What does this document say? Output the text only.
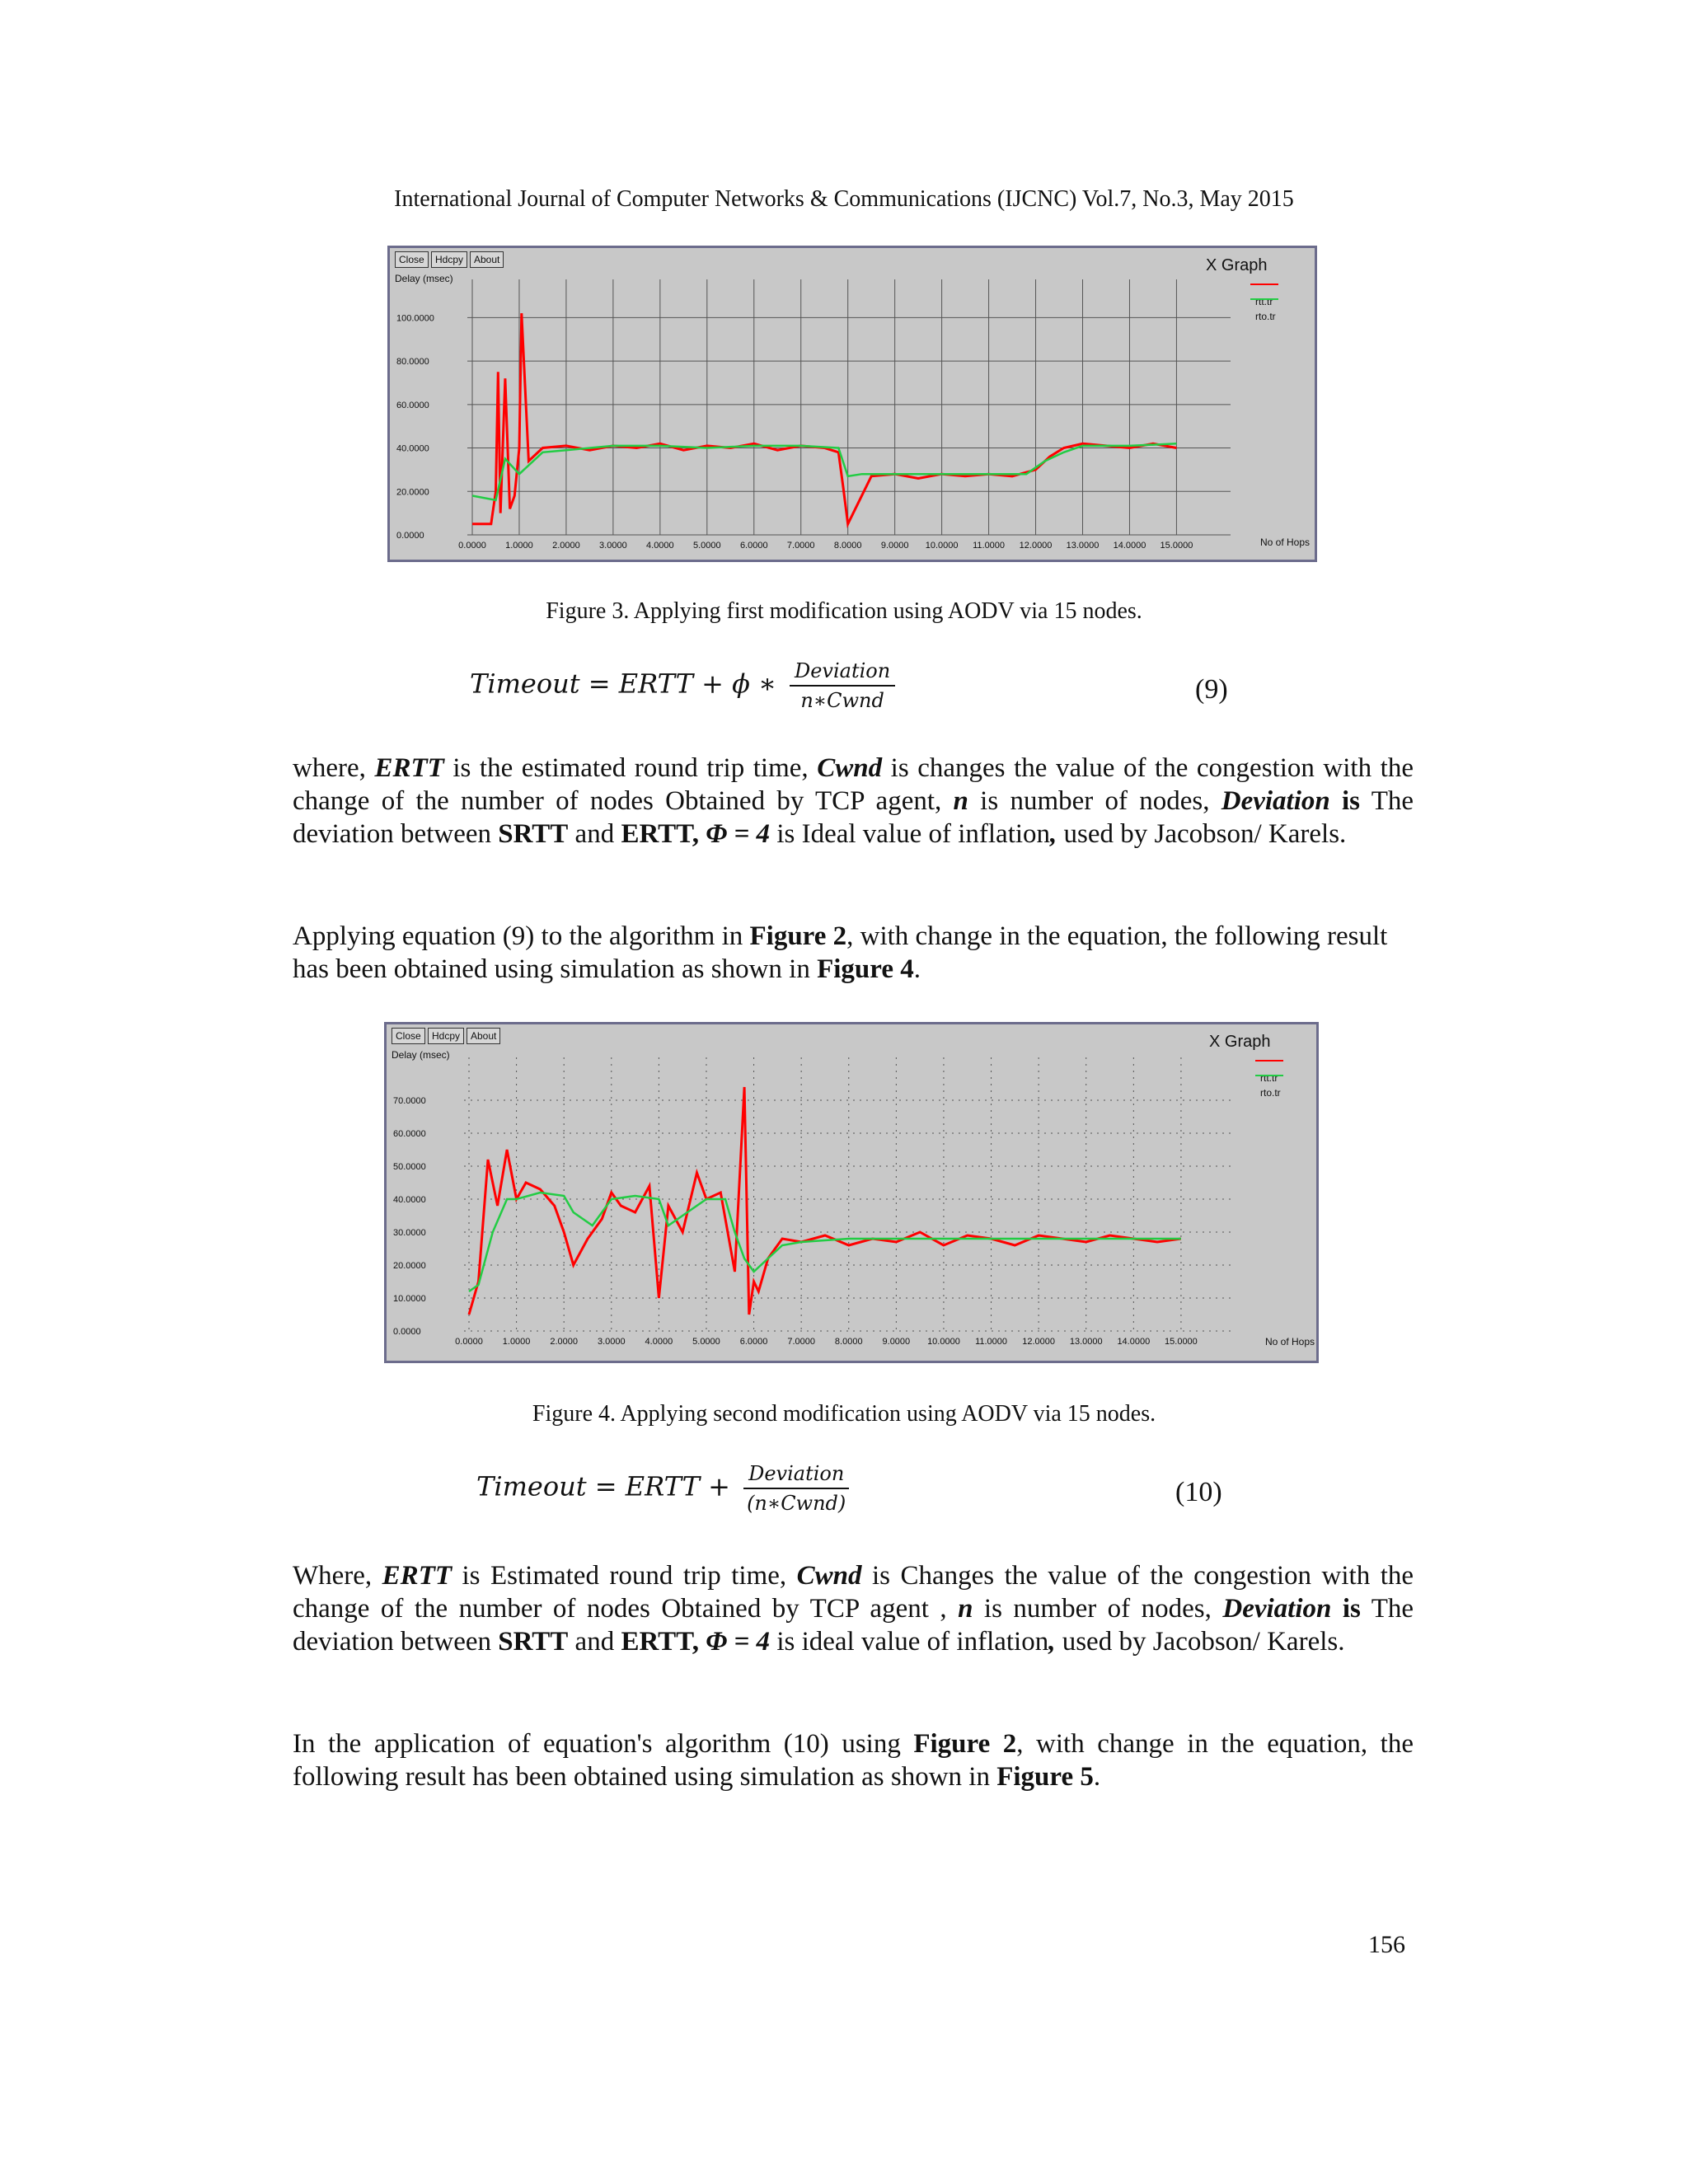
International Journal of Computer Networks & Communications (IJCNC) Vol.7, No.3, May 2015
Close	Hdcpy	About	X Graph
Delay (msec)
No of Hops
rtt.tr
rto.tr
0.0000 1.0000 2.0000 3.0000 4.0000 5.0000 6.0000 7.0000 8.0000 9.0000 10.0000 11.0000 12.0000 13.0000 14.0000 15.0000
0.0000
20.0000
40.0000
60.0000
80.0000
100.0000
Figure 3. Applying first modification using AODV via 15 nodes.
Timeout = ERTT + ϕ ∗ $\frac{\text{Deviation}}{\text{n∗Cwnd}}$	(9)
where, ERTT is the estimated round trip time, Cwnd is changes the value of the congestion with the change of the number of nodes Obtained by TCP agent, n is number of nodes, Deviation is The deviation between SRTT and ERTT, Φ = 4 is Ideal value of inflation, used by Jacobson/ Karels.
Applying equation (9) to the algorithm in Figure 2, with change in the equation, the following result has been obtained using simulation as shown in Figure 4.
Close	Hdcpy	About	X Graph
Delay (msec)
No of Hops
rtt.tr
rto.tr
0.0000 1.0000 2.0000 3.0000 4.0000 5.0000 6.0000 7.0000 8.0000 9.0000 10.0000 11.0000 12.0000 13.0000 14.0000 15.0000
0.0000
10.0000
20.0000
30.0000
40.0000
50.0000
60.0000
70.0000
Figure 4. Applying second modification using AODV via 15 nodes.
Timeout = ERTT + $\frac{\text{Deviation}}{\text{(n∗Cwnd)}}$	(10)
Where, ERTT is Estimated round trip time, Cwnd is Changes the value of the congestion with the change of the number of nodes Obtained by TCP agent , n is number of nodes, Deviation is The deviation between SRTT and ERTT, Φ = 4 is ideal value of inflation, used by Jacobson/ Karels.
In the application of equation's algorithm (10) using Figure 2, with change in the equation, the following result has been obtained using simulation as shown in Figure 5.
156
